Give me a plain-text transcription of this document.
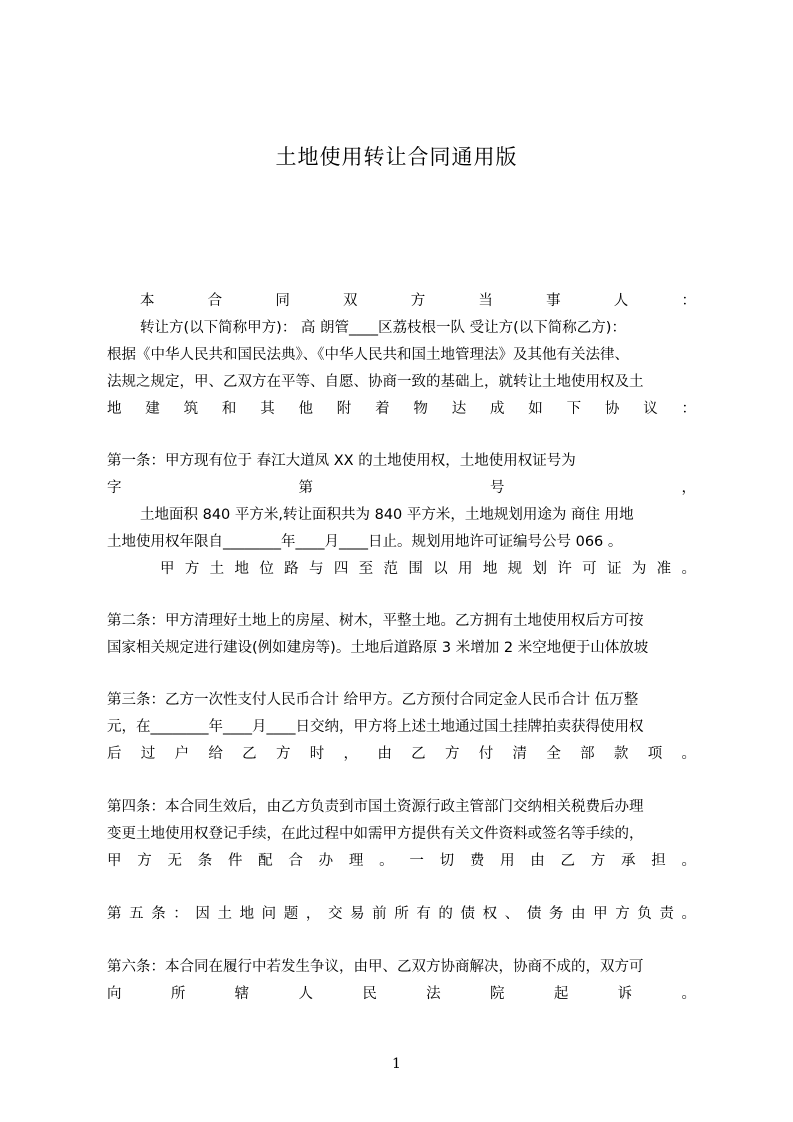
土地使用转让合同通用版
本 合 同 双 方 当 事 人 ：
转让方(以下简称甲方)： 高 朗管____区荔枝根一队 受让方(以下简称乙方)：
根据《中华人民共和国民法典》、《中华人民共和国土地管理法》及其他有关法律、
法规之规定，甲、乙双方在平等、自愿、协商一致的基础上，就转让土地使用权及土
地 建 筑 和 其 他 附 着 物 达 成 如 下 协 议 ：
第一条：甲方现有位于 春江大道凤 XX 的土地使用权，土地使用权证号为
字 第 号 ，
土地面积 840 平方米,转让面积共为 840 平方米，土地规划用途为 商住 用地
土地使用权年限自________年____月____日止。规划用地许可证编号公号 066 。
甲 方 土 地 位 路 与 四 至 范 围 以 用 地 规 划 许 可 证 为 准 。
第二条：甲方清理好土地上的房屋、树木，平整土地。乙方拥有土地使用权后方可按
国家相关规定进行建设(例如建房等)。土地后道路原 3 米增加 2 米空地便于山体放坡
第三条：乙方一次性支付人民币合计 给甲方。乙方预付合同定金人民币合计 伍万整
元，在________年____月____日交纳，甲方将上述土地通过国土挂牌拍卖获得使用权
后 过 户 给 乙 方 时 ， 由 乙 方 付 清 全 部 款 项 。
第四条：本合同生效后，由乙方负责到市国土资源行政主管部门交纳相关税费后办理
变更土地使用权登记手续，在此过程中如需甲方提供有关文件资料或签名等手续的，
甲 方 无 条 件 配 合 办 理 。 一 切 费 用 由 乙 方 承 担 。
第 五 条 ： 因 土 地 问 题 ， 交 易 前 所 有 的 债 权 、 债 务 由 甲 方 负 责 。
第六条：本合同在履行中若发生争议，由甲、乙双方协商解决，协商不成的，双方可
向 所 辖 人 民 法 院 起 诉 。
1
